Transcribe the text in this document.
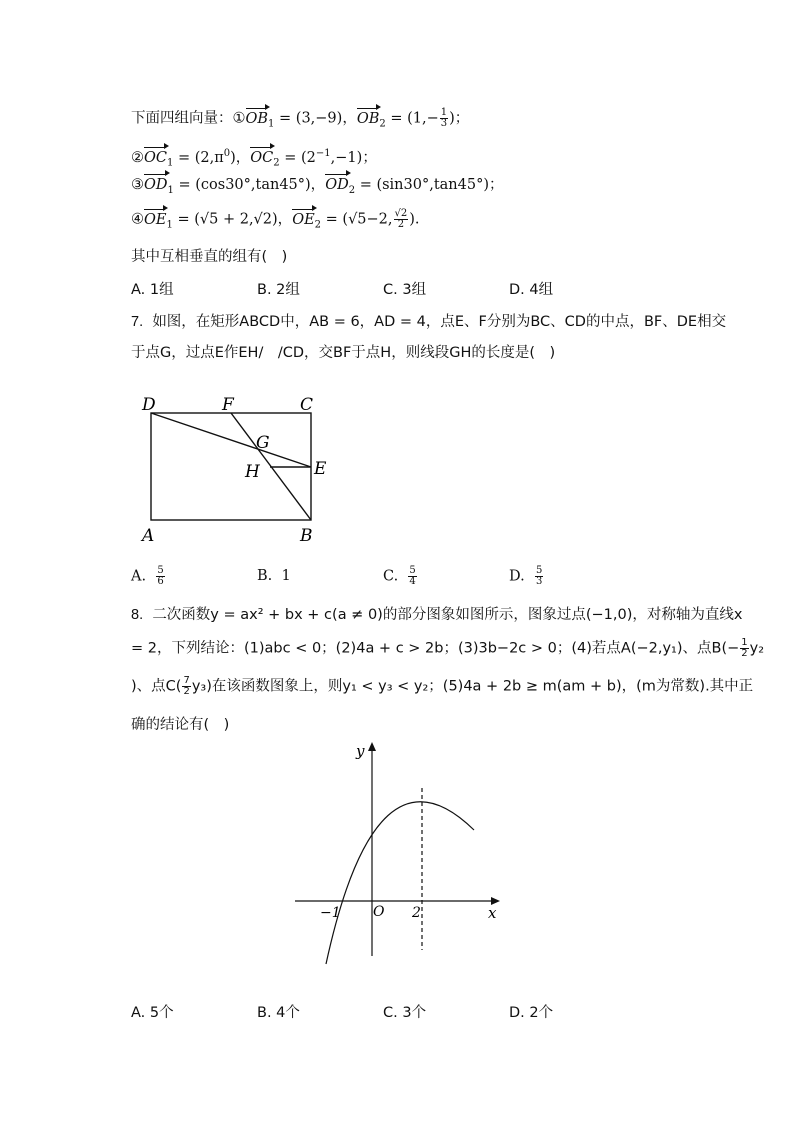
下面四组向量：$①OB_1 = (3,-9)$，$OB_2 = (1,- \frac{1}{3}$ )；
$②OC_1 = (2,\pi^0)$，$OC_2 = (2^{-1},-1)$；
$③OD_1 = (\cos 30^\circ,\tan 45^\circ)$，$OD_2 = (\sin 30^\circ,\tan 45^\circ)$；
$④OE_1 = (√5 + 2,√2)$，$OE_2 = (√5-2$, $\frac{√2}{2}$ ).
其中互相垂直的组有(　)
A. 1组	B. 2组	C. 3组	D. 4组
7. 如图，在矩形ABCD中，AB = 6，AD = 4，点E、F分别为BC、CD的中点，BF、DE相交
于点G，过点E作EH/　/CD，交BF于点H，则线段GH的长度是(　)
D	F	C
G
H	E
A	B
A. $\frac{5}{6}$	B. 1	C. $\frac{5}{4}$	D. $\frac{5}{3}$
8. 二次函数y = ax² + bx + c(a ≠ 0)的部分图象如图所示，图象过点(−1,0)，对称轴为直线x
= 2，下列结论：(1)abc < 0；(2)4a + c > 2b；(3)3b−2c > 0；(4)若点A(−2,y₁)、点$B(- \frac{1}{2} y_2$
)、点$C( \frac{7}{2} y_3)$在该函数图象上，则y₁ < y₃ < y₂；(5)4a + 2b ≥ m(am + b)，(m为常数).其中正
确的结论有(　)
y
x
O
−1	2
A. 5个	B. 4个	C. 3个	D. 2个
